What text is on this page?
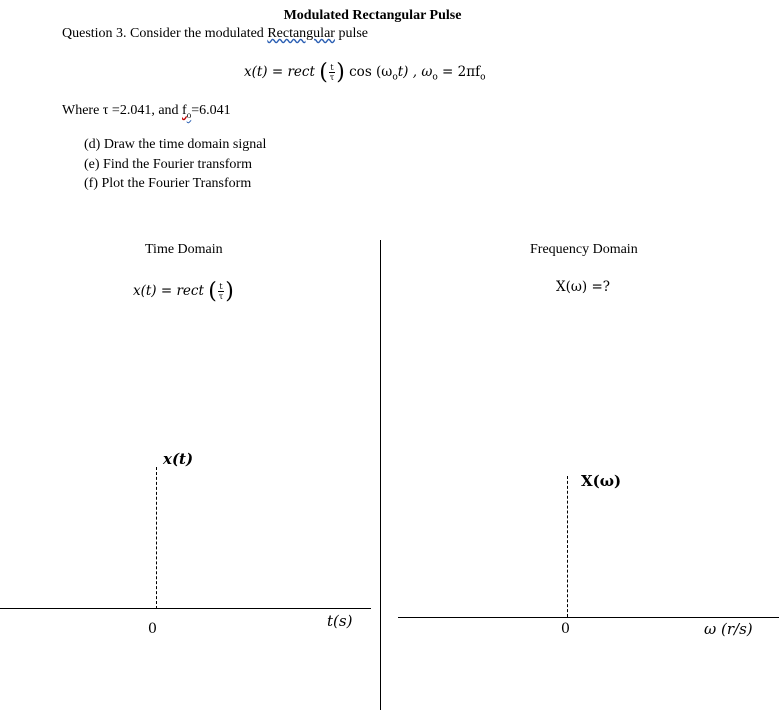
Modulated Rectangular Pulse
Question 3. Consider the modulated Rectangular pulse
x(t) = rect ( $\frac{t}{\tau}$ ) $\cos (\omega_ot)$ , $\omega_o = 2\pi f_o$
Where τ =2.041, and $f_o=6.041$
(d) Draw the time domain signal
(e) Find the Fourier transform
(f) Plot the Fourier Transform
Time Domain
x(t) = rect ( $\frac{t}{\tau}$ )
x(t)
0	t(s)
Frequency Domain
X(ω) =?
X(ω)
0	ω (r/s)
